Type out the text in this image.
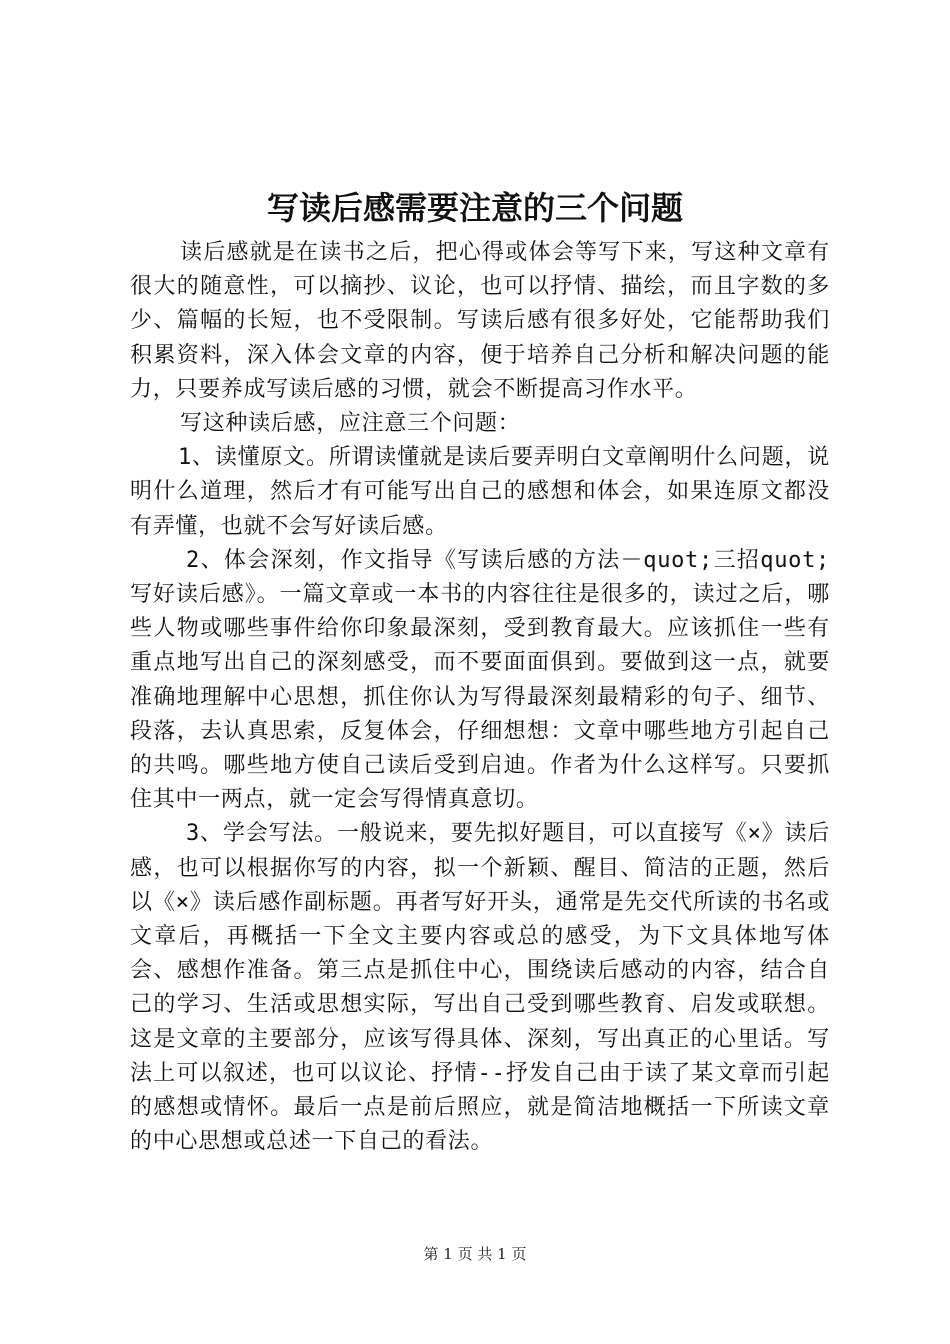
写读后感需要注意的三个问题

读后感就是在读书之后，把心得或体会等写下来，写这种文章有很大的随意性，可以摘抄、议论，也可以抒情、描绘，而且字数的多少、篇幅的长短，也不受限制。写读后感有很多好处，它能帮助我们积累资料，深入体会文章的内容，便于培养自己分析和解决问题的能力，只要养成写读后感的习惯，就会不断提高习作水平。

写这种读后感，应注意三个问题：

1、读懂原文。所谓读懂就是读后要弄明白文章阐明什么问题，说明什么道理，然后才有可能写出自己的感想和体会，如果连原文都没有弄懂，也就不会写好读后感。

2、体会深刻，作文指导《写读后感的方法－quot;三招quot;写好读后感》。一篇文章或一本书的内容往往是很多的，读过之后，哪些人物或哪些事件给你印象最深刻，受到教育最大。应该抓住一些有重点地写出自己的深刻感受，而不要面面俱到。要做到这一点，就要准确地理解中心思想，抓住你认为写得最深刻最精彩的句子、细节、段落，去认真思索，反复体会，仔细想想：文章中哪些地方引起自己的共鸣。哪些地方使自己读后受到启迪。作者为什么这样写。只要抓住其中一两点，就一定会写得情真意切。

3、学会写法。一般说来，要先拟好题目，可以直接写《×》读后感，也可以根据你写的内容，拟一个新颖、醒目、简洁的正题，然后以《×》读后感作副标题。再者写好开头，通常是先交代所读的书名或文章后，再概括一下全文主要内容或总的感受，为下文具体地写体会、感想作准备。第三点是抓住中心，围绕读后感动的内容，结合自己的学习、生活或思想实际，写出自己受到哪些教育、启发或联想。这是文章的主要部分，应该写得具体、深刻，写出真正的心里话。写法上可以叙述，也可以议论、抒情--抒发自己由于读了某文章而引起的感想或情怀。最后一点是前后照应，就是简洁地概括一下所读文章的中心思想或总述一下自己的看法。

第 1 页 共 1 页
